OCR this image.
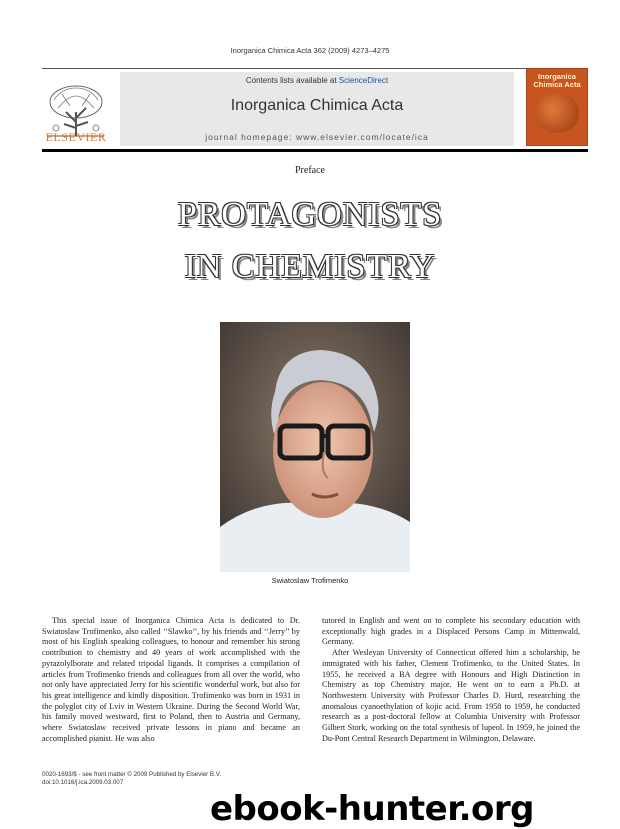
Inorganica Chimica Acta 362 (2009) 4273–4275
ELSEVIER
Contents lists available at ScienceDirect
Inorganica Chimica Acta
journal homepage: www.elsevier.com/locate/ica
Inorganica Chimica Acta
Preface
PROTAGONISTS
IN CHEMISTRY
Swiatoslaw Trofimenko

This special issue of Inorganica Chimica Acta is dedicated to Dr. Swiatoslaw Trofimenko, also called ‘‘Slawko’’, by his friends and ‘‘Jerry’’ by most of his English speaking colleagues, to honour and remember his strong contribution to chemistry and 40 years of work accomplished with the pyrazolylborate and related tripodal ligands. It comprises a compilation of articles from Trofimenko friends and colleagues from all over the world, who not only have appreciated Jerry for his scientific wonderful work, but also for his great intelligence and kindly disposition. Trofimenko was born in 1931 in the polyglot city of Lviv in Western Ukraine. During the Second World War, his family moved westward, first to Poland, then to Austria and Germany, where Swiatoslaw received private lessons in piano and became an accomplished pianist. He was also

tutored in English and went on to complete his secondary education with exceptionally high grades in a Displaced Persons Camp in Mittenwald, Germany.

After Wesleyan University of Connecticut offered him a scholarship, he immigrated with his father, Clement Trofimenko, to the United States. In 1955, he received a BA degree with Honours and High Distinction in Chemistry as top Chemistry major. He went on to earn a Ph.D. at Northwestern University with Professor Charles D. Hurd, researching the anomalous cyanoethylation of kojic acid. From 1958 to 1959, he conducted research as a post-doctoral fellow at Columbia University with Professor Gilbert Stork, working on the total synthesis of lupeol. In 1959, he joined the Du-Pont Central Research Department in Wilmington, Delaware.

0020-1693/$ - see front matter © 2009 Published by Elsevier B.V.
doi:10.1016/j.ica.2009.03.007
ebook-hunter.org
